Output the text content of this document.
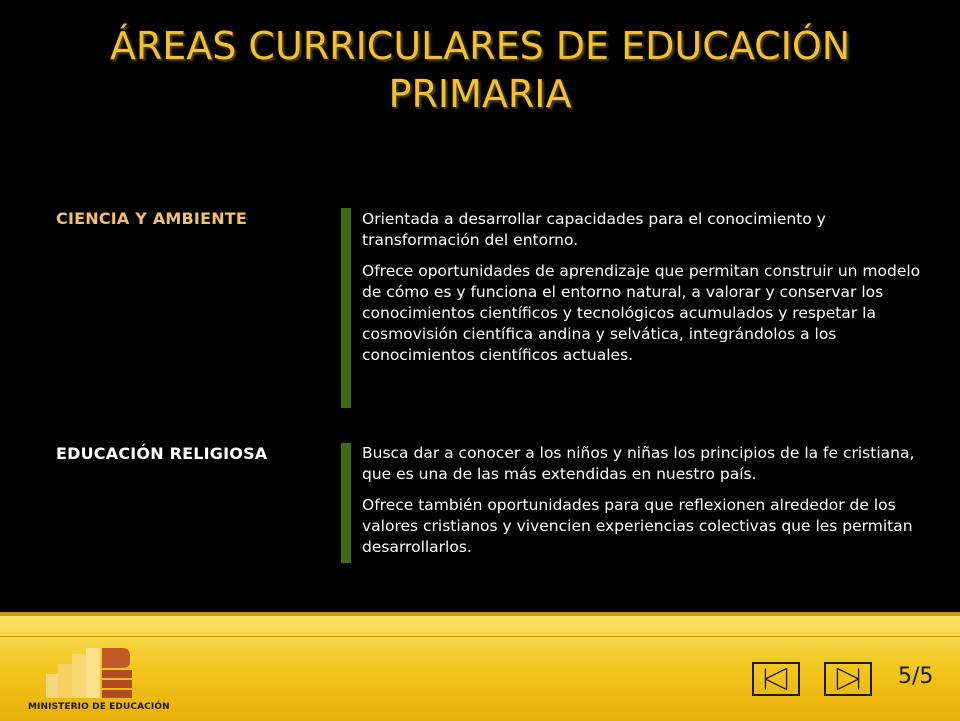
ÁREAS CURRICULARES DE EDUCACIÓN
PRIMARIA
CIENCIA Y AMBIENTE	Orientada a desarrollar capacidades para el conocimiento y transformación del entorno.

Ofrece oportunidades de aprendizaje que permitan construir un modelo de cómo es y funciona el entorno natural, a valorar y conservar los conocimientos científicos y tecnológicos acumulados y respetar la cosmovisión científica andina y selvática, integrándolos a los conocimientos científicos actuales.

EDUCACIÓN RELIGIOSA	Busca dar a conocer a los niños y niñas los principios de la fe cristiana, que es una de las más extendidas en nuestro país.

Ofrece también oportunidades para que reflexionen alrededor de los valores cristianos y vivencien experiencias colectivas que les permitan desarrollarlos.

MINISTERIO DE EDUCACIÓN
5/5
